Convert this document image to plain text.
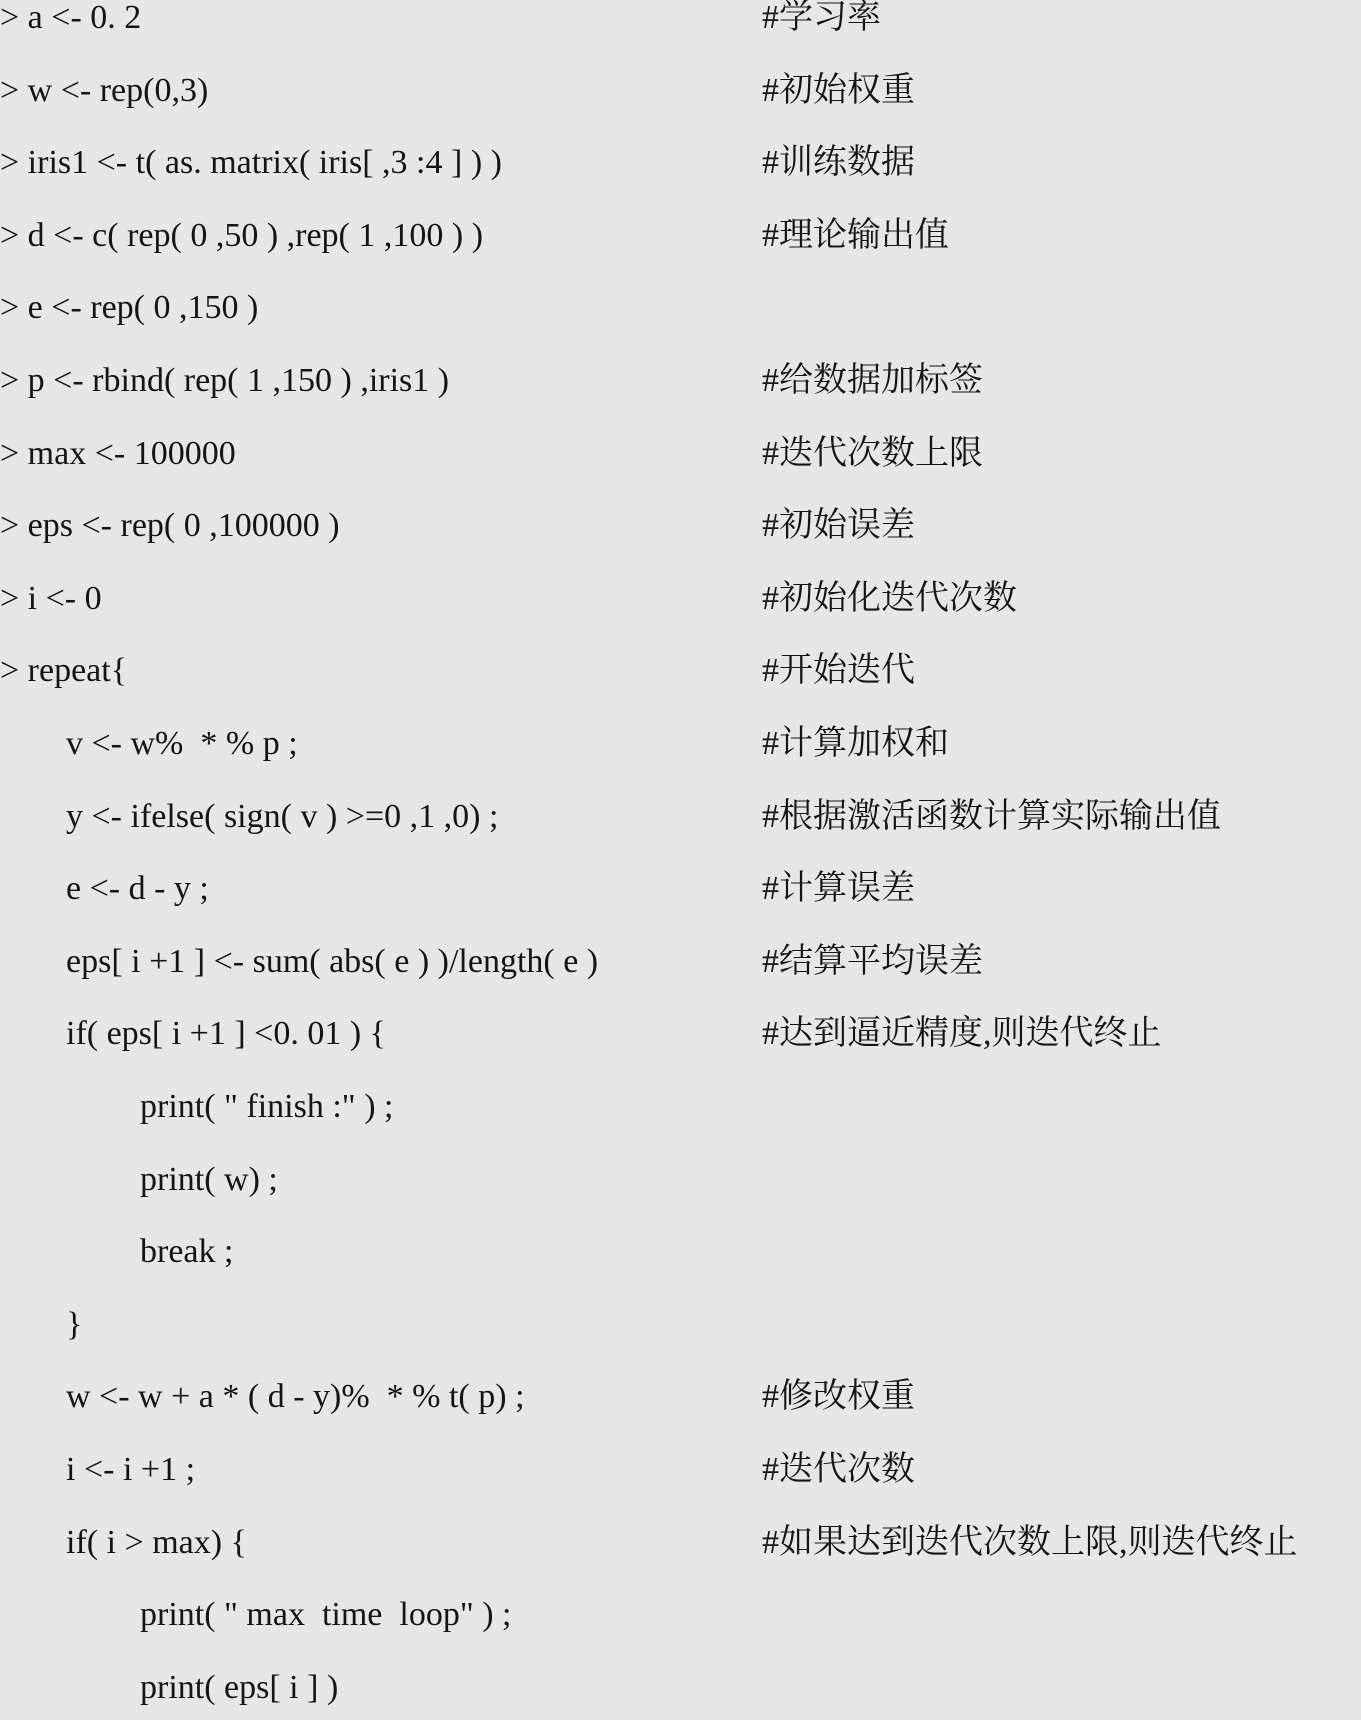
> a <- 0. 2	#学习率
> w <- rep(0,3)	#初始权重
> iris1 <- t( as. matrix( iris[ ,3 :4 ] ) )	#训练数据
> d <- c( rep( 0 ,50 ) ,rep( 1 ,100 ) )	#理论输出值
> e <- rep( 0 ,150 )
> p <- rbind( rep( 1 ,150 ) ,iris1 )	#给数据加标签
> max <- 100000	#迭代次数上限
> eps <- rep( 0 ,100000 )	#初始误差
> i <- 0	#初始化迭代次数
> repeat{	#开始迭代
v <- w%  * % p ;	#计算加权和
y <- ifelse( sign( v ) >=0 ,1 ,0) ;	#根据激活函数计算实际输出值
e <- d - y ;	#计算误差
eps[ i +1 ] <- sum( abs( e ) )/length( e )	#结算平均误差
if( eps[ i +1 ] <0. 01 ) {	#达到逼近精度,则迭代终止
print( " finish :" ) ;
print( w) ;
break ;
}
w <- w + a * ( d - y)%  * % t( p) ;	#修改权重
i <- i +1 ;	#迭代次数
if( i > max) {	#如果达到迭代次数上限,则迭代终止
print( " max  time  loop" ) ;
print( eps[ i ] )
